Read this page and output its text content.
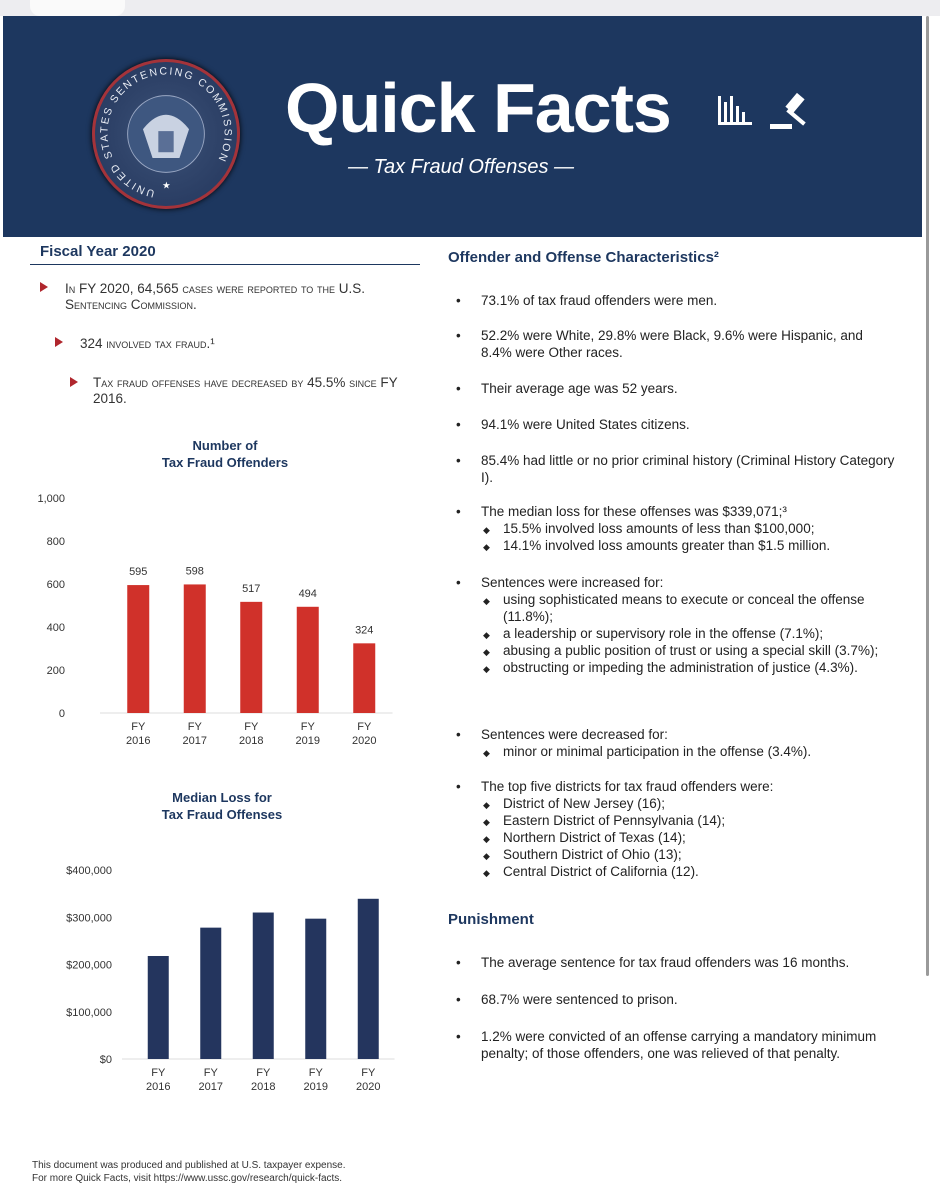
UNITED STATES SENTENCING COMMISSION
★
Quick Facts
— Tax Fraud Offenses —
Fiscal Year 2020
In FY 2020, 64,565 cases were reported to the U.S. Sentencing Commission.
324 involved tax fraud.¹
Tax fraud offenses have decreased by 45.5% since FY 2016.
Number of
Tax Fraud Offenders
0
200
400
600
800
1,000
595
FY
2016
598
FY
2017
517
FY
2018
494
FY
2019
324
FY
2020
Median Loss for
Tax Fraud Offenses
$0
$100,000
$200,000
$300,000
$400,000
FY
2016
FY
2017
FY
2018
FY
2019
FY
2020
This document was produced and published at U.S. taxpayer expense.
For more Quick Facts, visit https://www.ussc.gov/research/quick-facts.
Offender and Offense Characteristics²
• 73.1% of tax fraud offenders were men.
• 52.2% were White, 29.8% were Black, 9.6% were Hispanic, and 8.4% were Other races.
• Their average age was 52 years.
• 94.1% were United States citizens.
• 85.4% had little or no prior criminal history (Criminal History Category I).
• The median loss for these offenses was $339,071;³
◆ 15.5% involved loss amounts of less than $100,000;
◆ 14.1% involved loss amounts greater than $1.5 million.
• Sentences were increased for:
◆ using sophisticated means to execute or conceal the offense (11.8%);
◆ a leadership or supervisory role in the offense (7.1%);
◆ abusing a public position of trust or using a special skill (3.7%);
◆ obstructing or impeding the administration of justice (4.3%).
• Sentences were decreased for:
◆ minor or minimal participation in the offense (3.4%).
• The top five districts for tax fraud offenders were:
◆ District of New Jersey (16);
◆ Eastern District of Pennsylvania (14);
◆ Northern District of Texas (14);
◆ Southern District of Ohio (13);
◆ Central District of California (12).
Punishment
• The average sentence for tax fraud offenders was 16 months.
• 68.7% were sentenced to prison.
• 1.2% were convicted of an offense carrying a mandatory minimum penalty; of those offenders, one was relieved of that penalty.
